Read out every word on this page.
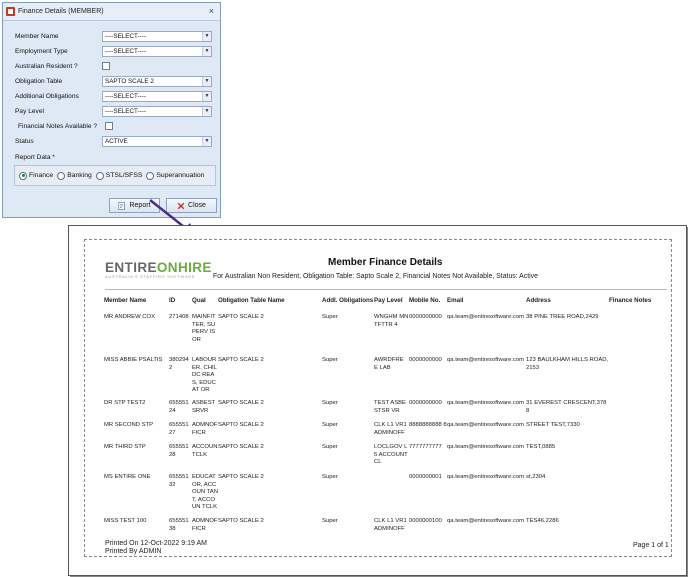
Finance Details (MEMBER)	×
Member Name	----SELECT----	▼
Employment Type	----SELECT----	▼
Australian Resident ?
Obligation Table	SAPTO SCALE 2	▼
Additional Obligations	----SELECT----	▼
Pay Level	----SELECT----	▼
Financial Notes Available ?
Status	ACTIVE	▼
Report Data *
Finance Banking STSL/SFSS Superannuation
Report	Close
ENTIREONHIRE
AUSTRALIA'S STAFFING SOFTWARE
Member Finance Details
For Australian Non Resident, Obligation Table: Sapto Scale 2, Financial Notes Not Available, Status: Active
Member Name	ID	Qual	Obligation Table Name	Addl. Obligations	Pay Level	Mobile No.	Email	Address	Finance Notes
MR ANDREW COX	271408	MAINFIT TER, SUPERV ISOR	SAPTO SCALE 2	Super	WNGHM MNTFTTR 4	0000000000	qa.team@entiresoftware.com	38 PINE TREE ROAD,2429	
MISS ABBIE PSALTIS	380294 2	LABOUR ER, CHILDC REAS, EDUCAT OR	SAPTO SCALE 2	Super	AWRDFRE E LAB	0000000000	qa.team@entiresoftware.com	123 BAULKHAM HILLS ROAD,2153	
DR STP TEST2	655551 24	ASBEST SRVR	SAPTO SCALE 2	Super	TEST ASBESTSR VR	0000000000	qa.team@entiresoftware.com	31 EVEREST CRESCENT,3788	
MR SECOND STP	655551 27	ADMNOF FICR	SAPTO SCALE 2	Super	CLK L1 VR1 ADMINOFF	8888888888 8	qa.team@entiresoftware.com	STREET TEST,7330	
MR THIRD STP	655551 28	ACCOUN TCLK	SAPTO SCALE 2	Super	LOCLGOV L5 ACCOUNT CL	7777777777	qa.team@entiresoftware.com	TEST,0885	
MS ENTIRE ONE	655551 32	EDUCAT OR, ACCOUN TANT, ACCOUN TCLK	SAPTO SCALE 2	Super		0000000001	qa.team@entiresoftware.com	st,2304	
MISS TEST 100	655551 38	ADMNOF FICR	SAPTO SCALE 2	Super	CLK L1 VR1 ADMINOFF	0000000100	qa.team@entiresoftware.com	TES46,2286	
Printed On 12-Oct-2022 9:19 AM
Printed By ADMIN
Page 1 of 1
